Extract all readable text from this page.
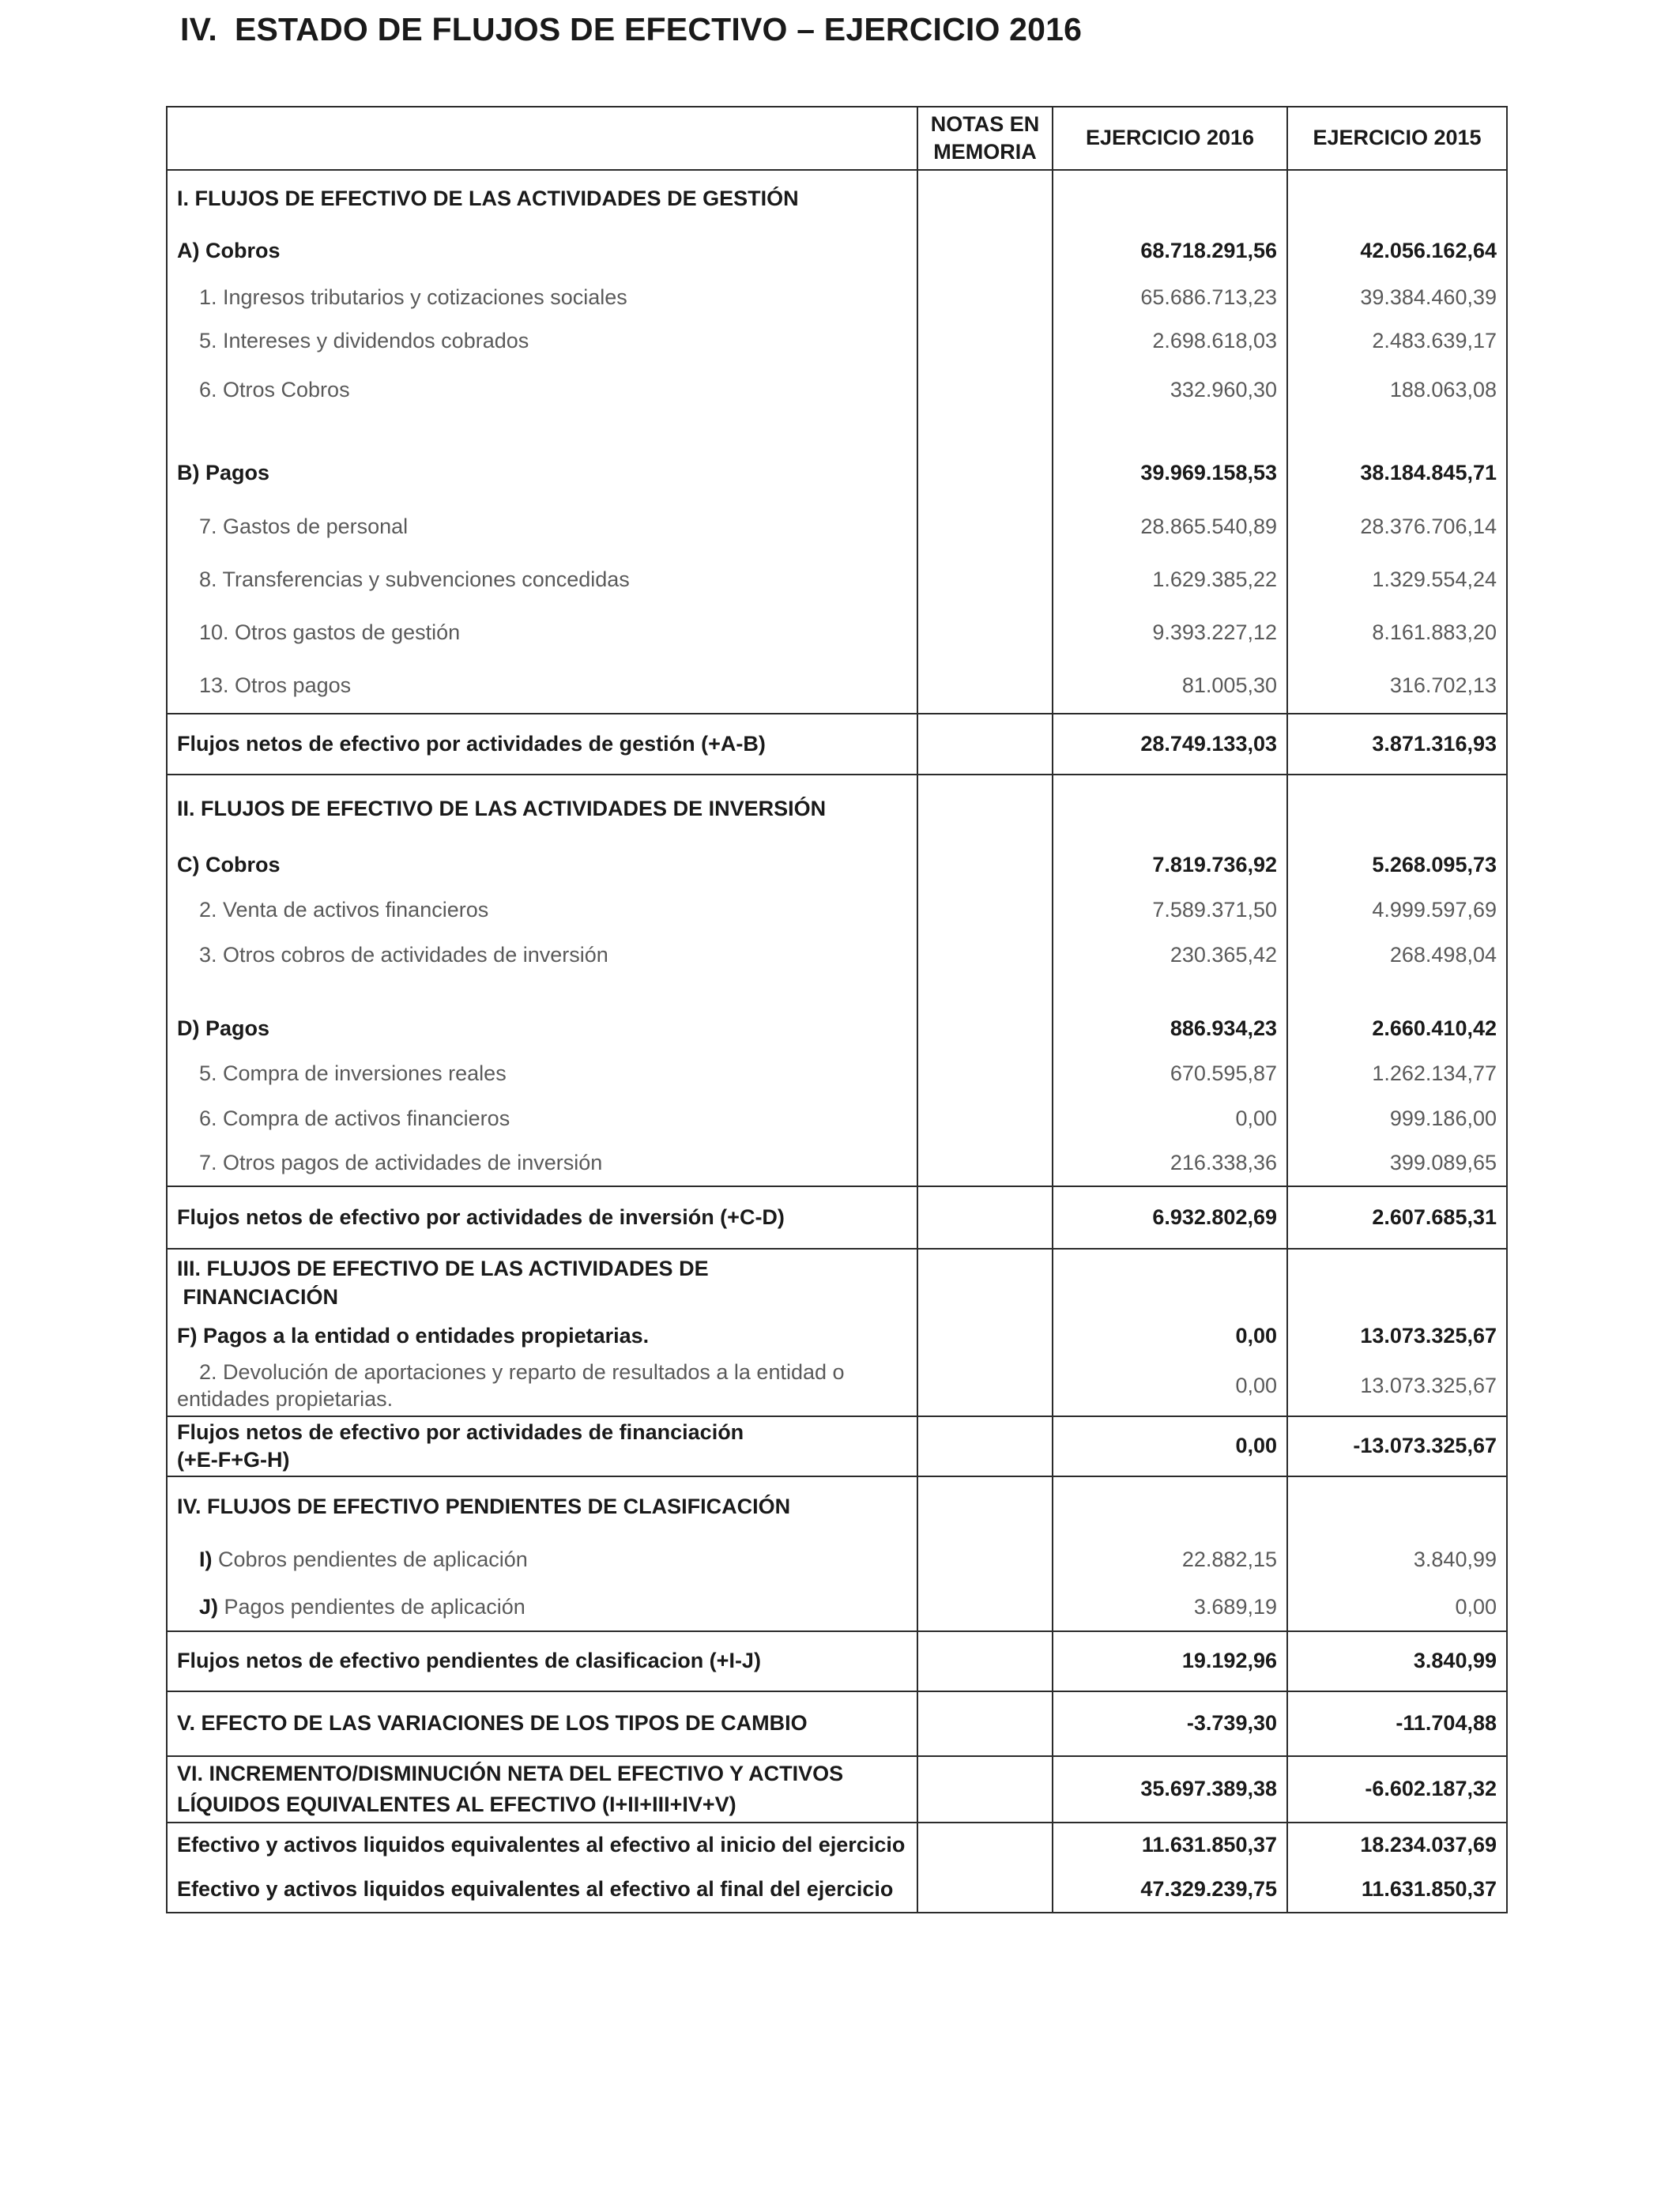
IV. ESTADO DE FLUJOS DE EFECTIVO – EJERCICIO 2016
	NOTAS EN
MEMORIA	EJERCICIO 2016	EJERCICIO 2015
I. FLUJOS DE EFECTIVO DE LAS ACTIVIDADES DE GESTIÓN			
A) Cobros		68.718.291,56	42.056.162,64
1. Ingresos tributarios y cotizaciones sociales		65.686.713,23	39.384.460,39
5. Intereses y dividendos cobrados		2.698.618,03	2.483.639,17
6. Otros Cobros		332.960,30	188.063,08

B) Pagos		39.969.158,53	38.184.845,71
7. Gastos de personal		28.865.540,89	28.376.706,14
8. Transferencias y subvenciones concedidas		1.629.385,22	1.329.554,24
10. Otros gastos de gestión		9.393.227,12	8.161.883,20
13. Otros pagos		81.005,30	316.702,13
Flujos netos de efectivo por actividades de gestión (+A-B)		28.749.133,03	3.871.316,93
II. FLUJOS DE EFECTIVO DE LAS ACTIVIDADES DE INVERSIÓN			
C) Cobros		7.819.736,92	5.268.095,73
2. Venta de activos financieros		7.589.371,50	4.999.597,69
3. Otros cobros de actividades de inversión		230.365,42	268.498,04

D) Pagos		886.934,23	2.660.410,42
5. Compra de inversiones reales		670.595,87	1.262.134,77
6. Compra de activos financieros		0,00	999.186,00
7. Otros pagos de actividades de inversión		216.338,36	399.089,65
Flujos netos de efectivo por actividades de inversión (+C-D)		6.932.802,69	2.607.685,31
III. FLUJOS DE EFECTIVO DE LAS ACTIVIDADES DE
FINANCIACIÓN			
F) Pagos a la entidad o entidades propietarias.		0,00	13.073.325,67
2. Devolución de aportaciones y reparto de resultados a la entidad o entidades propietarias.		0,00	13.073.325,67
Flujos netos de efectivo por actividades de financiación
(+E-F+G-H)		0,00	-13.073.325,67
IV. FLUJOS DE EFECTIVO PENDIENTES DE CLASIFICACIÓN			
I) Cobros pendientes de aplicación		22.882,15	3.840,99
J) Pagos pendientes de aplicación		3.689,19	0,00
Flujos netos de efectivo pendientes de clasificacion (+I-J)		19.192,96	3.840,99
V. EFECTO DE LAS VARIACIONES DE LOS TIPOS DE CAMBIO		-3.739,30	-11.704,88
VI. INCREMENTO/DISMINUCIÓN NETA DEL EFECTIVO Y ACTIVOS
LÍQUIDOS EQUIVALENTES AL EFECTIVO (I+II+III+IV+V)		35.697.389,38	-6.602.187,32
Efectivo y activos liquidos equivalentes al efectivo al inicio del ejercicio		11.631.850,37	18.234.037,69
Efectivo y activos liquidos equivalentes al efectivo al final del ejercicio		47.329.239,75	11.631.850,37
